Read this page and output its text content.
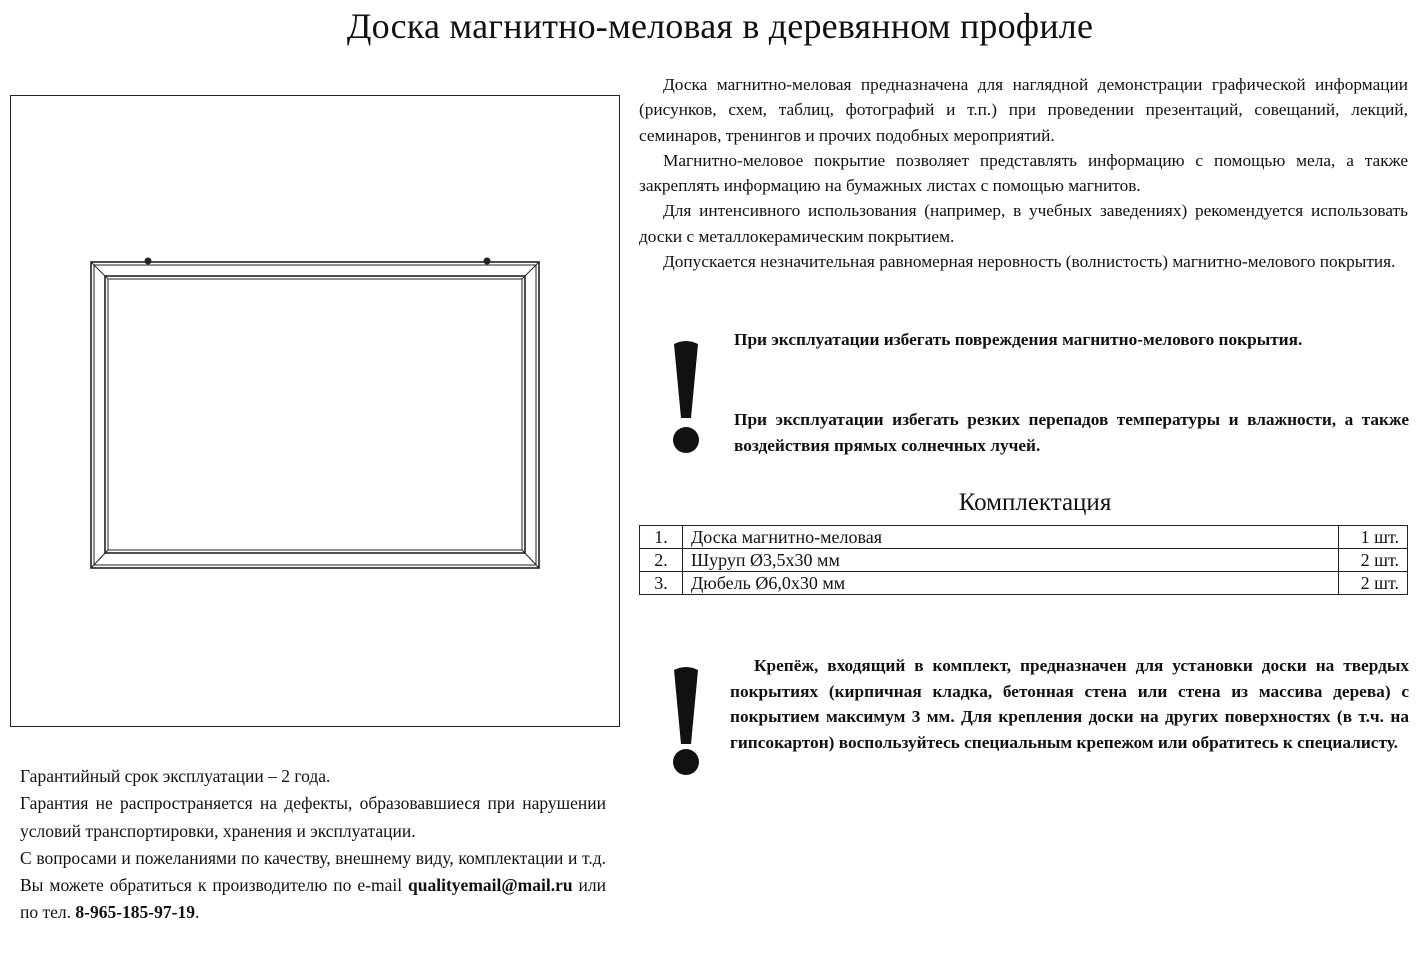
Доска магнитно-меловая в деревянном профиле

Доска магнитно-меловая предназначена для наглядной демонстрации графической информации (рисунков, схем, таблиц, фотографий и т.п.) при проведении презентаций, совещаний, лекций, семинаров, тренингов и прочих подобных мероприятий.

Магнитно-меловое покрытие позволяет представлять информацию с помощью мела, а также закреплять информацию на бумажных листах с помощью магнитов.

Для интенсивного использования (например, в учебных заведениях) рекомендуется использовать доски с металлокерамическим покрытием.

Допускается незначительная равномерная неровность (волнистость) магнитно-мелового покрытия.

При эксплуатации избегать повреждения магнитно-мелового покрытия.
При эксплуатации избегать резких перепадов температуры и влажности, а также воздействия прямых солнечных лучей.
Комплектация
1.	Доска магнитно-меловая	1 шт.
2.	Шуруп Ø3,5х30 мм	2 шт.
3.	Дюбель Ø6,0х30 мм	2 шт.

Крепёж, входящий в комплект, предназначен для установки доски на твердых покрытиях (кирпичная кладка, бетонная стена или стена из массива дерева) с покрытием максимум 3 мм. Для крепления доски на других поверхностях (в т.ч. на гипсокартон) воспользуйтесь специальным крепежом или обратитесь к специалисту.

Гарантийный срок эксплуатации – 2 года.

Гарантия не распространяется на дефекты, образовавшиеся при нарушении условий транспортировки, хранения и эксплуатации.

С вопросами и пожеланиями по качеству, внешнему виду, комплектации и т.д. Вы можете обратиться к производителю по e-mail qualityemail@mail.ru или по тел. 8-965-185-97-19.
